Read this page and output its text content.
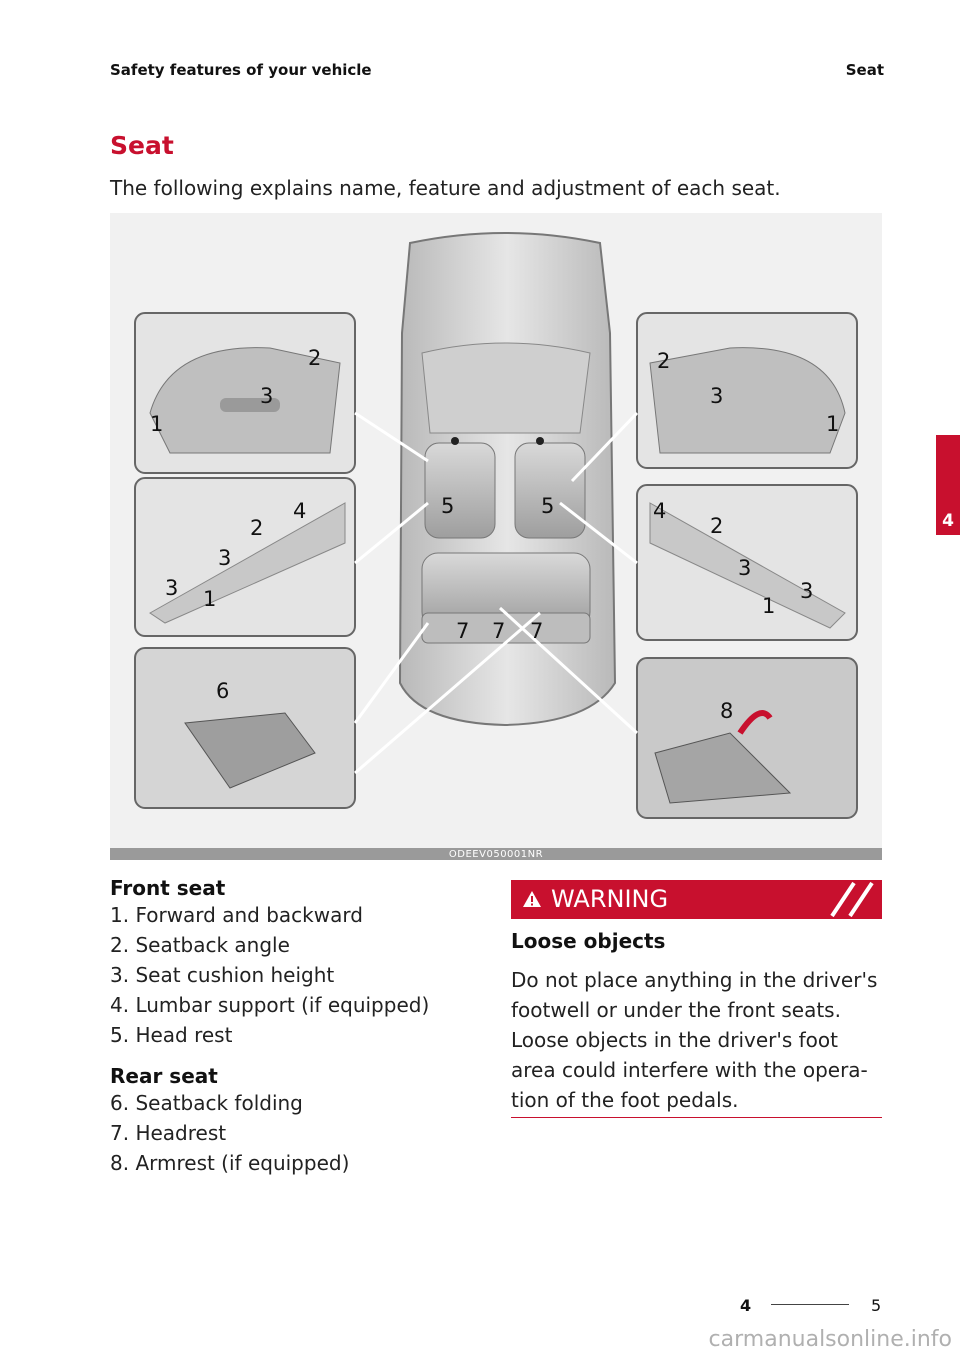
Safety features of your vehicle	Seat
Seat
The following explains name, feature and adjustment of each seat.
2
3
1
2
4
3
3 1
6
2
3
1
4
2
3
3
1
8
5	5
7 7 7
ODEEV050001NR
Front seat
1. Forward and backward
2. Seatback angle
3. Seat cushion height
4. Lumbar support (if equipped)
5. Head rest
Rear seat
6. Seatback folding
7. Headrest
8. Armrest (if equipped)
WARNING
Loose objects

Do not place anything in the driver's footwell or under the front seats. Loose objects in the driver's foot area could interfere with the opera-tion of the foot pedals.

4
4	5
carmanualsonline.info
